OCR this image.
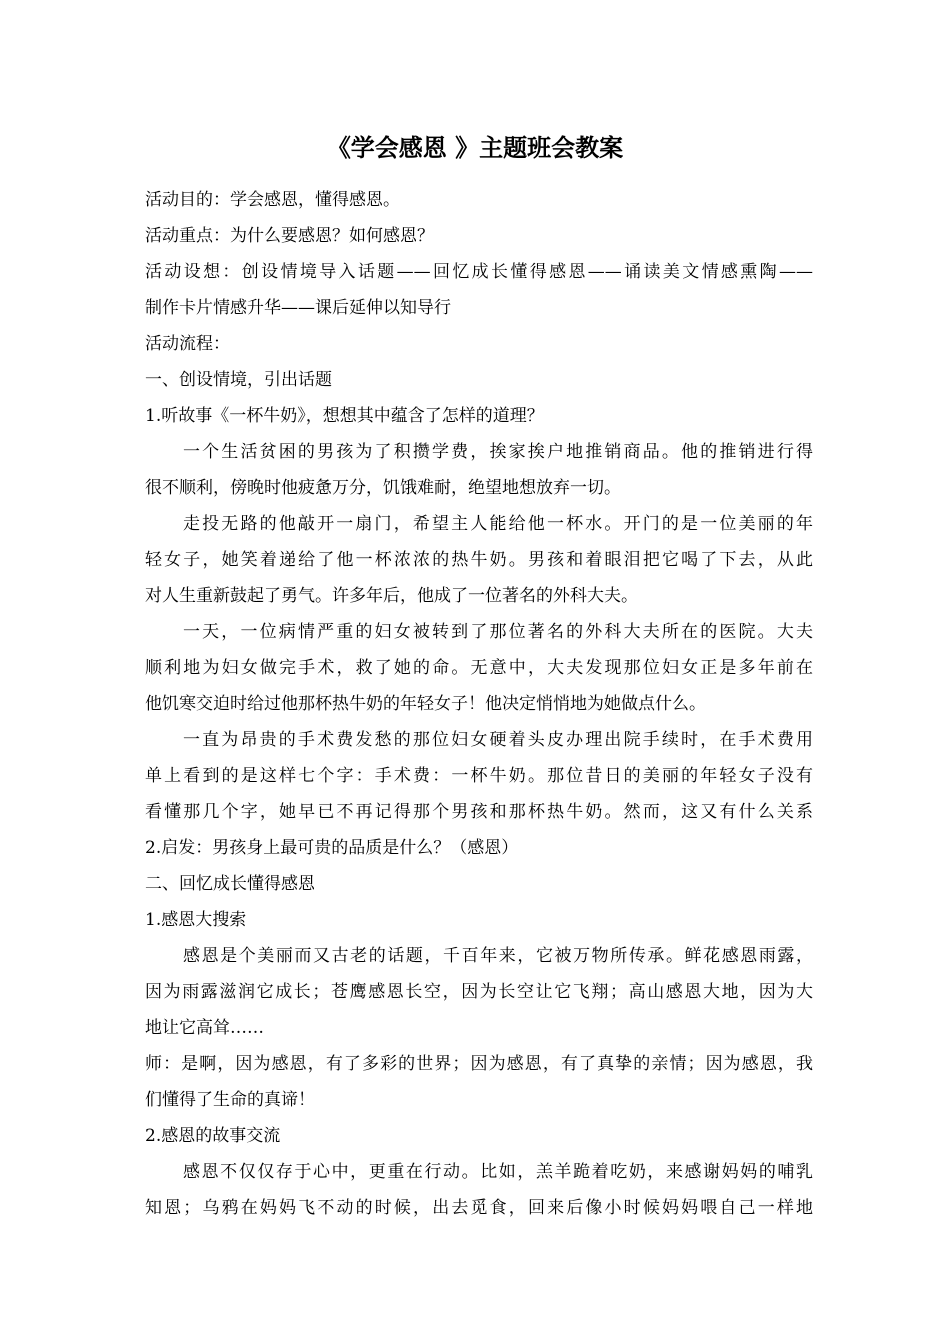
《学会感恩 》主题班会教案
活动目的：学会感恩，懂得感恩。
活动重点：为什么要感恩？如何感恩？
活动设想：创设情境导入话题——回忆成长懂得感恩——诵读美文情感熏陶——
制作卡片情感升华——课后延伸以知导行
活动流程：
一、创设情境，引出话题
1.听故事《一杯牛奶》，想想其中蕴含了怎样的道理？
一个生活贫困的男孩为了积攒学费，挨家挨户地推销商品。他的推销进行得
很不顺利，傍晚时他疲惫万分，饥饿难耐，绝望地想放弃一切。
走投无路的他敲开一扇门，希望主人能给他一杯水。开门的是一位美丽的年
轻女子，她笑着递给了他一杯浓浓的热牛奶。男孩和着眼泪把它喝了下去，从此
对人生重新鼓起了勇气。许多年后，他成了一位著名的外科大夫。
一天，一位病情严重的妇女被转到了那位著名的外科大夫所在的医院。大夫
顺利地为妇女做完手术，救了她的命。无意中，大夫发现那位妇女正是多年前在
他饥寒交迫时给过他那杯热牛奶的年轻女子！他决定悄悄地为她做点什么。
一直为昂贵的手术费发愁的那位妇女硬着头皮办理出院手续时，在手术费用
单上看到的是这样七个字：手术费：一杯牛奶。那位昔日的美丽的年轻女子没有
看懂那几个字，她早已不再记得那个男孩和那杯热牛奶。然而，这又有什么关系
2.启发：男孩身上最可贵的品质是什么？（感恩）
二、回忆成长懂得感恩
1.感恩大搜索
感恩是个美丽而又古老的话题，千百年来，它被万物所传承。鲜花感恩雨露，
因为雨露滋润它成长；苍鹰感恩长空，因为长空让它飞翔；高山感恩大地，因为大
地让它高耸……
师：是啊，因为感恩，有了多彩的世界；因为感恩，有了真挚的亲情；因为感恩，我
们懂得了生命的真谛！
2.感恩的故事交流
感恩不仅仅存于心中，更重在行动。比如，羔羊跪着吃奶，来感谢妈妈的哺乳
知恩；乌鸦在妈妈飞不动的时候，出去觅食，回来后像小时候妈妈喂自己一样地
